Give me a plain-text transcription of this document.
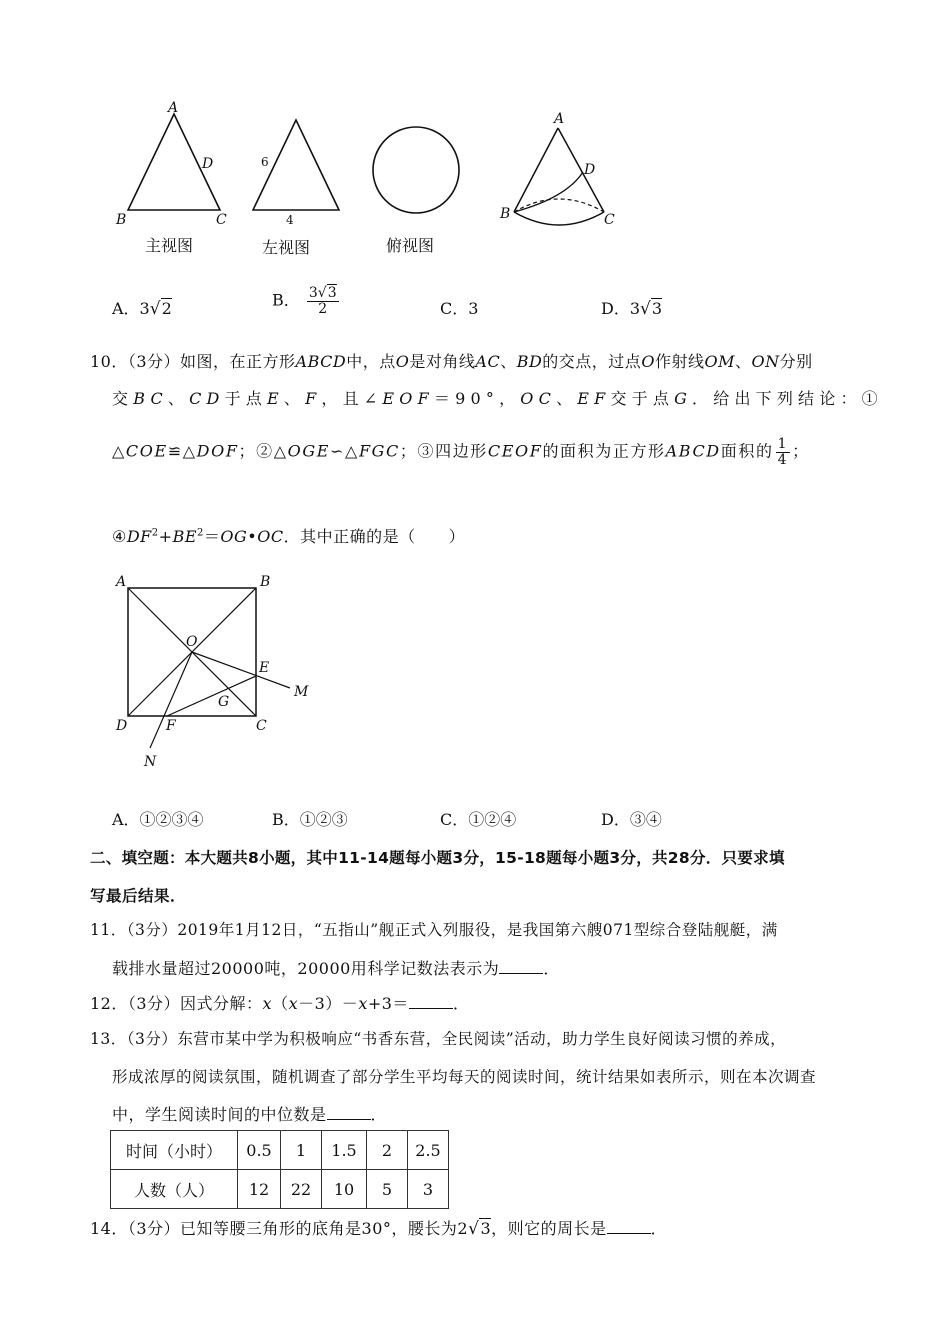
A
D
B	C
主视图
6
4
左视图	俯视图
A
D
B	C
A．3√2	B． $\frac{3√3}{2}$	C．3	D．3√3
10．（3分）如图，在正方形ABCD中，点O是对角线AC、BD的交点，过点O作射线OM、ON分别
交BC、CD于点E、F，且∠EOF＝90°，OC、EF交于点G．给出下列结论：①
△COE≌△DOF；②△OGE∽△FGC；③四边形CEOF的面积为正方形ABCD面积的 $\frac{1}{4}$ ；
$④DF^2+BE^2=OG•OC$．其中正确的是（　　）
A	B
O
E
M
G
D	F	C
N
A．①②③④	B．①②③	C．①②④	D．③④
二、填空题：本大题共8小题，其中11-14题每小题3分，15-18题每小题3分，共28分．只要求填
写最后结果．
11．（3分）2019年1月12日，“五指山”舰正式入列服役，是我国第六艘071型综合登陆舰艇，满
载排水量超过20000吨，20000用科学记数法表示为	．
12．（3分）因式分解：x（x－3）－x+3＝	．
13．（3分）东营市某中学为积极响应“书香东营，全民阅读”活动，助力学生良好阅读习惯的养成，
形成浓厚的阅读氛围，随机调查了部分学生平均每天的阅读时间，统计结果如表所示，则在本次调查
中，学生阅读时间的中位数是	．
时间（小时）	0.5	1	1.5	2	2.5
人数（人）	12	22	10	5	3
14．（3分）已知等腰三角形的底角是30°，腰长为2√3，则它的周长是	．
